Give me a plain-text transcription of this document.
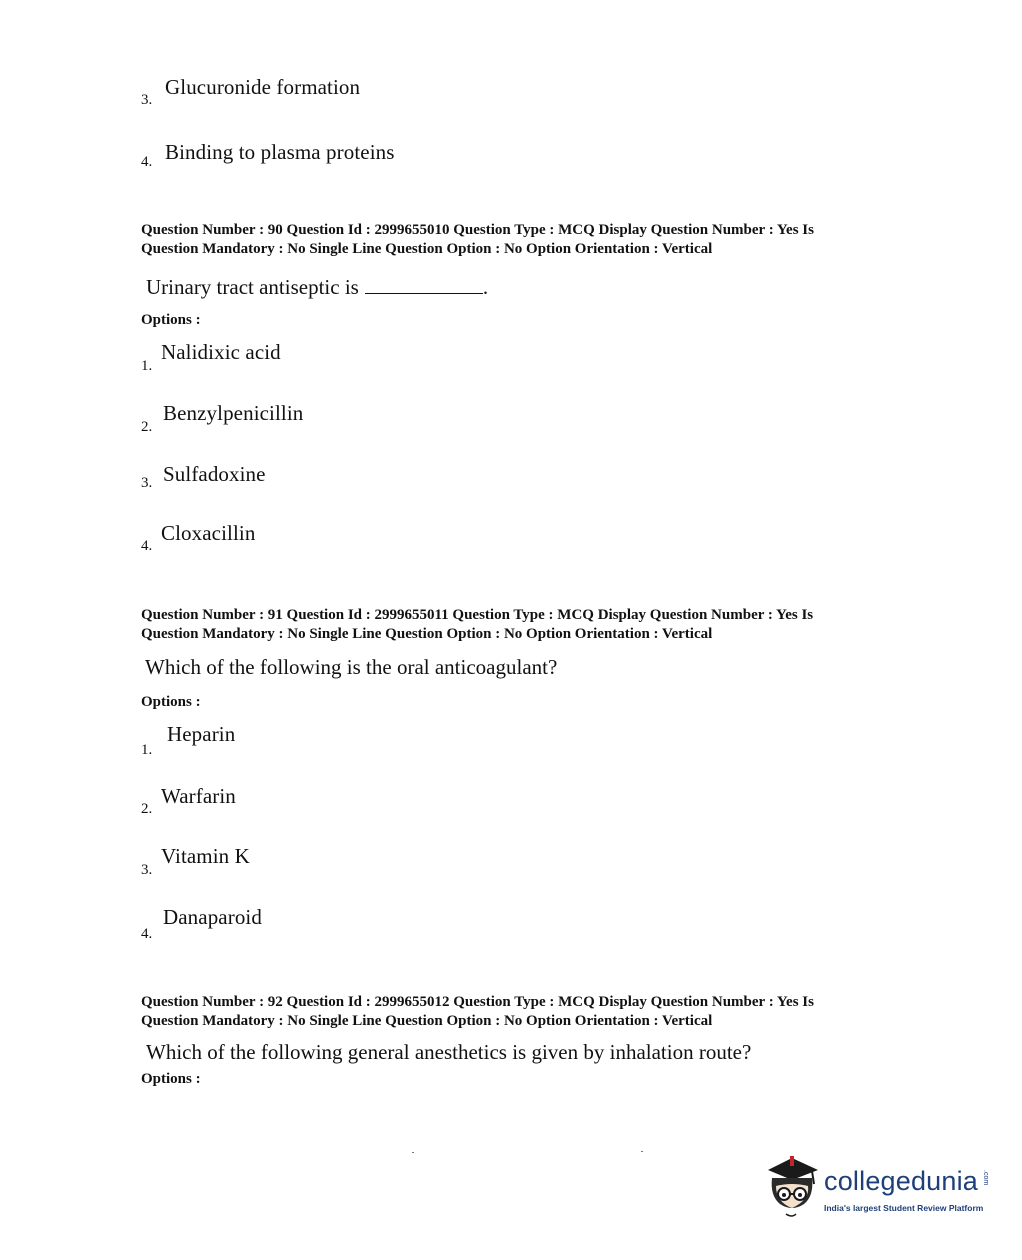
Glucuronide formation
3.
Binding to plasma proteins
4.
Question Number : 90 Question Id : 2999655010 Question Type : MCQ Display Question Number : Yes Is
Question Mandatory : No Single Line Question Option : No Option Orientation : Vertical
Urinary tract antiseptic is	.
Options :
Nalidixic acid
1.
Benzylpenicillin
2.
Sulfadoxine
3.
Cloxacillin
4.
Question Number : 91 Question Id : 2999655011 Question Type : MCQ Display Question Number : Yes Is
Question Mandatory : No Single Line Question Option : No Option Orientation : Vertical
Which of the following is the oral anticoagulant?
Options :
Heparin
1.
Warfarin
2.
Vitamin K
3.
Danaparoid
4.
Question Number : 92 Question Id : 2999655012 Question Type : MCQ Display Question Number : Yes Is
Question Mandatory : No Single Line Question Option : No Option Orientation : Vertical
Which of the following general anesthetics is given by inhalation route?
Options :
collegedunia .com
India's largest Student Review Platform
